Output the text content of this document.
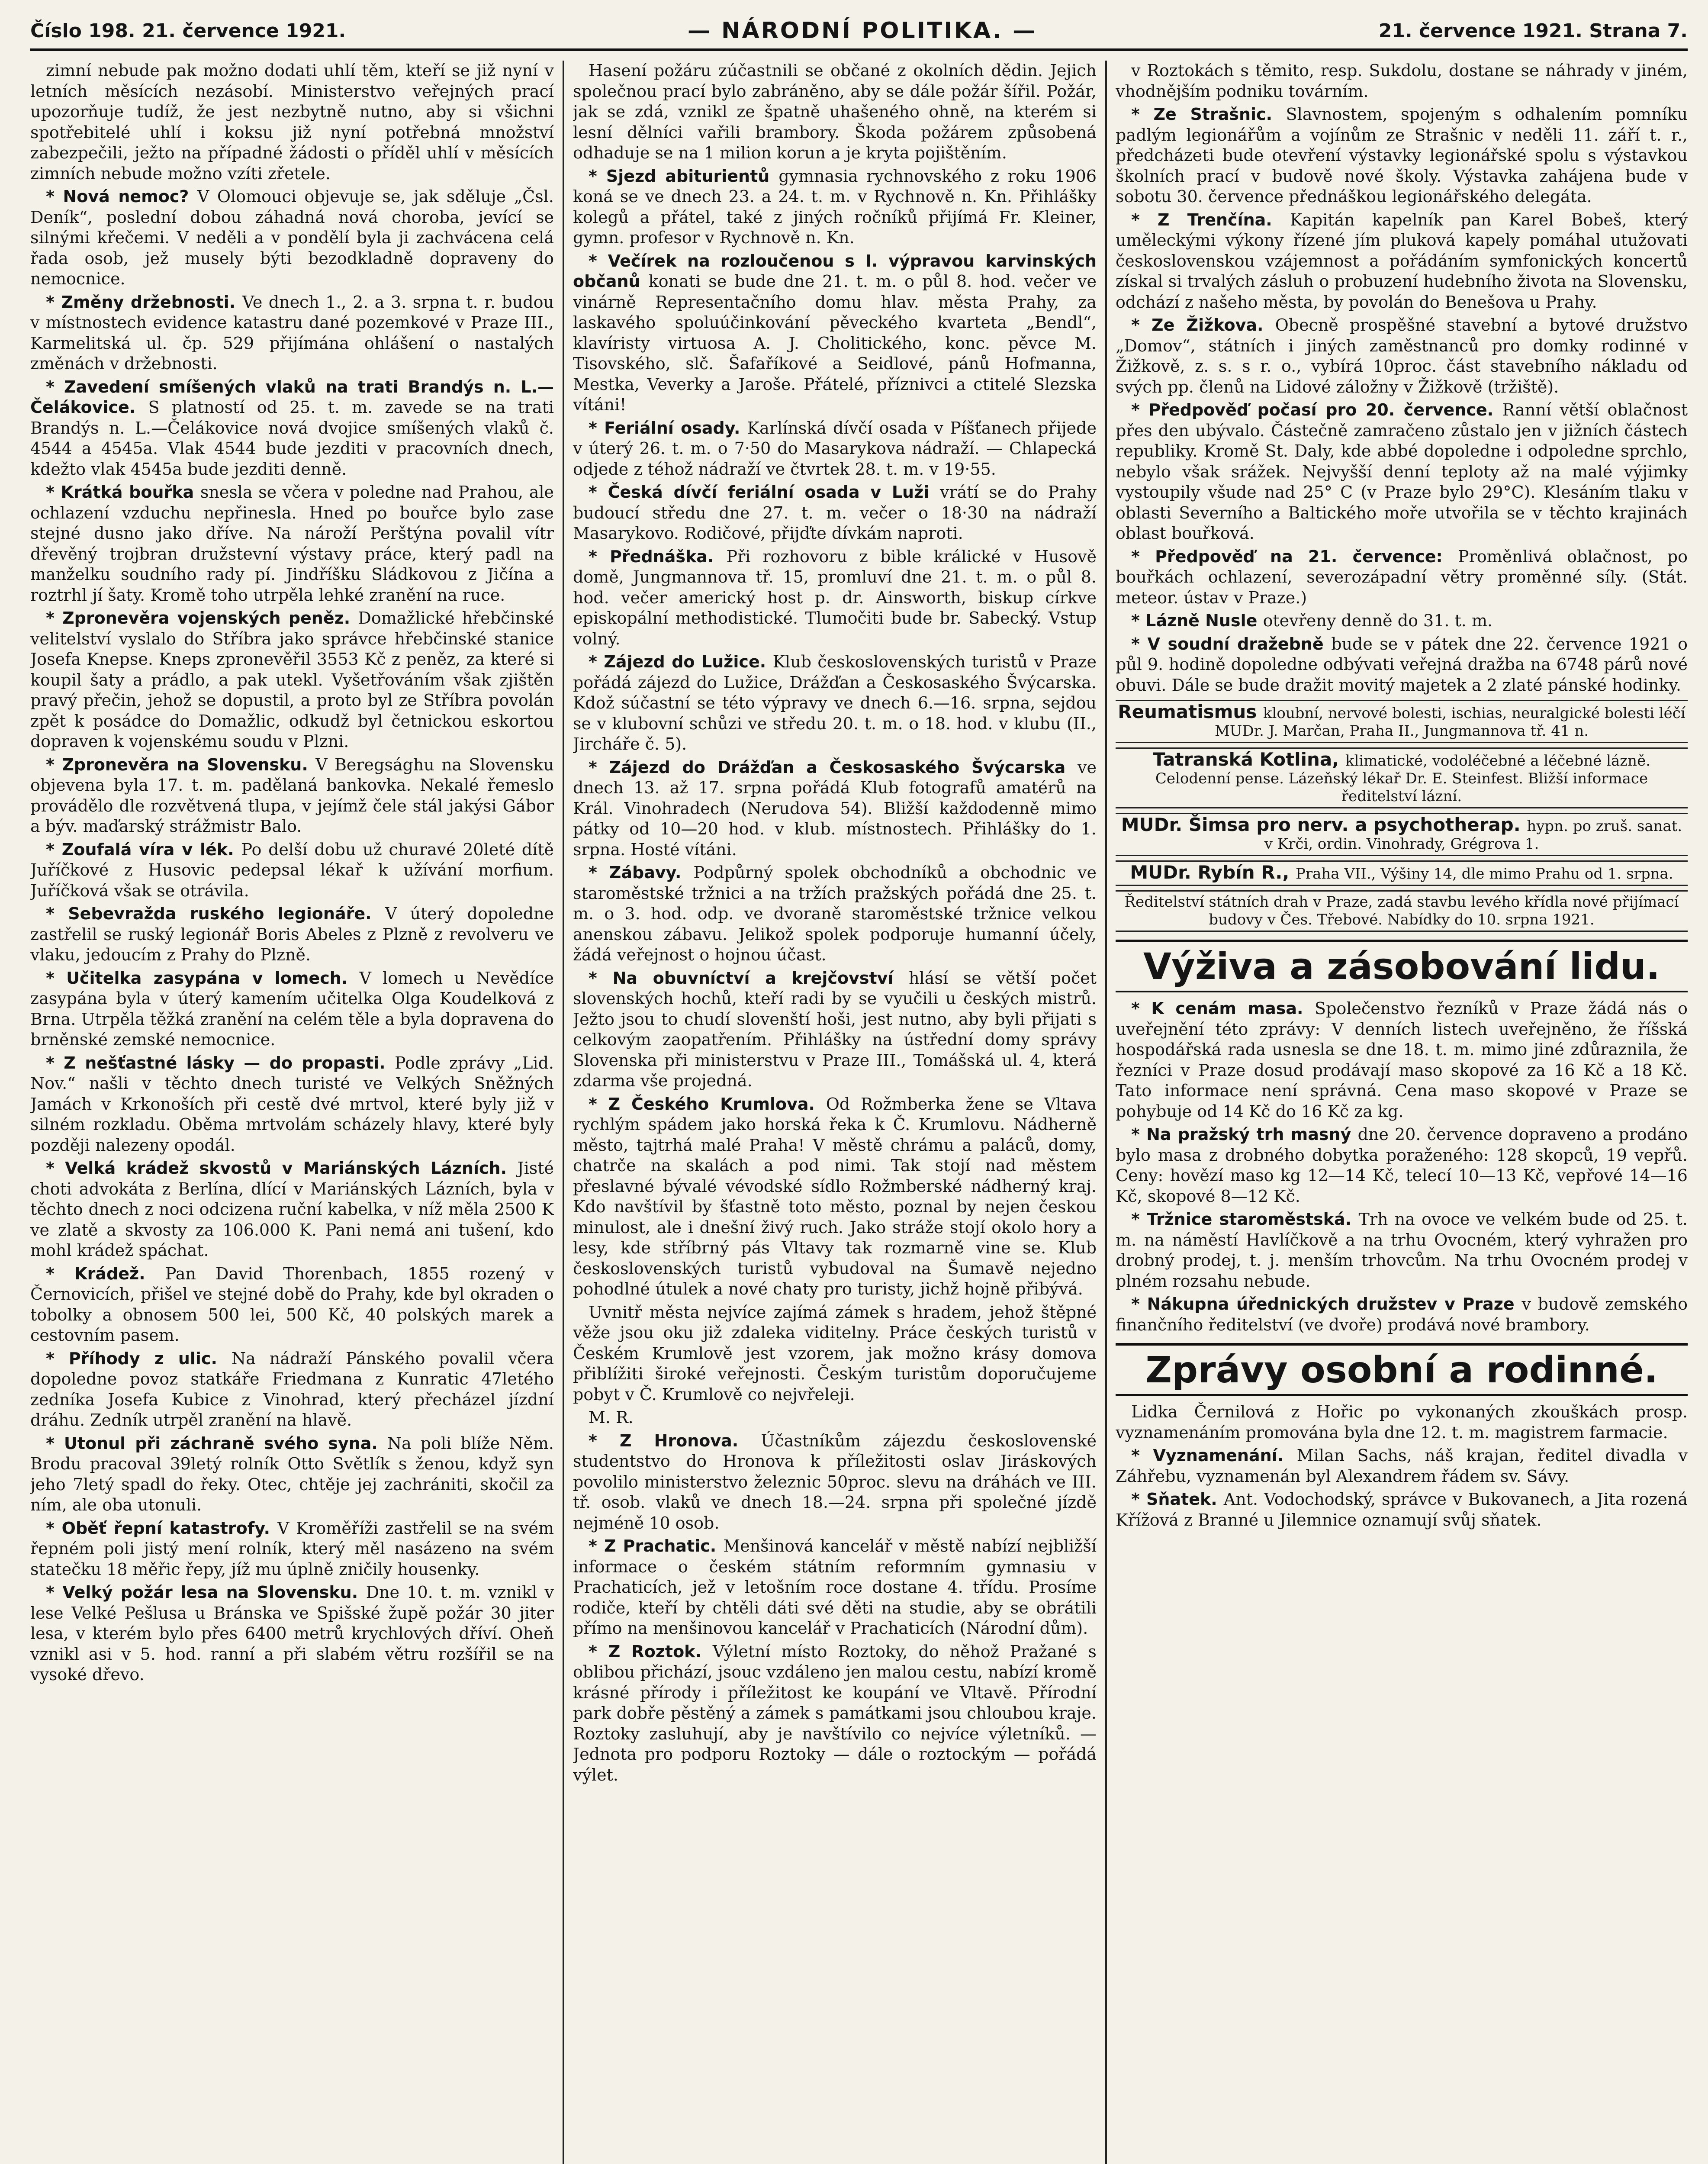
Číslo 198. 21. července 1921.	— NÁRODNÍ POLITIKA. —	21. července 1921. Strana 7.

zimní nebude pak možno dodati uhlí těm, kteří se již nyní v letních měsících nezásobí. Ministerstvo veřejných prací upozorňuje tudíž, že jest nezbytně nutno, aby si všichni spotřebitelé uhlí i koksu již nyní potřebná množství zabezpečili, ježto na případné žádosti o příděl uhlí v měsících zimních nebude možno vzíti zřetele.

* Nová nemoc? V Olomouci objevuje se, jak sděluje „Čsl. Deník“, poslední dobou záhadná nová choroba, jevící se silnými křečemi. V neděli a v pondělí byla ji zachvácena celá řada osob, jež musely býti bezodkladně dopraveny do nemocnice.

* Změny držebnosti. Ve dnech 1., 2. a 3. srpna t. r. budou v místnostech evidence katastru dané pozemkové v Praze III., Karmelitská ul. čp. 529 přijímána ohlášení o nastalých změnách v držebnosti.

* Zavedení smíšených vlaků na trati Brandýs n. L.—Čelákovice. S platností od 25. t. m. zavede se na trati Brandýs n. L.—Čelákovice nová dvojice smíšených vlaků č. 4544 a 4545a. Vlak 4544 bude jezditi v pracovních dnech, kdežto vlak 4545a bude jezditi denně.

* Krátká bouřka snesla se včera v poledne nad Prahou, ale ochlazení vzduchu nepřinesla. Hned po bouřce bylo zase stejné dusno jako dříve. Na nároží Perštýna povalil vítr dřevěný trojbran družstevní výstavy práce, který padl na manželku soudního rady pí. Jindříšku Sládkovou z Jičína a roztrhl jí šaty. Kromě toho utrpěla lehké zranění na ruce.

* Zpronevěra vojenských peněz. Domažlické hřebčinské velitelství vyslalo do Stříbra jako správce hřebčinské stanice Josefa Knepse. Kneps zpronevěřil 3553 Kč z peněz, za které si koupil šaty a prádlo, a pak utekl. Vyšetřováním však zjištěn pravý přečin, jehož se dopustil, a proto byl ze Stříbra povolán zpět k posádce do Domažlic, odkudž byl četnickou eskortou dopraven k vojenskému soudu v Plzni.

* Zpronevěra na Slovensku. V Beregsághu na Slovensku objevena byla 17. t. m. padělaná bankovka. Nekalé řemeslo provádělo dle rozvětvená tlupa, v jejímž čele stál jakýsi Gábor a býv. maďarský strážmistr Balo.

* Zoufalá víra v lék. Po delší dobu už churavé 20leté dítě Juříčkové z Husovic pedepsal lékař k užívání morfium. Juříčková však se otrávila.

* Sebevražda ruského legionáře. V úterý dopoledne zastřelil se ruský legionář Boris Abeles z Plzně z revolveru ve vlaku, jedoucím z Prahy do Plzně.

* Učitelka zasypána v lomech. V lomech u Nevědíce zasypána byla v úterý kamením učitelka Olga Koudelková z Brna. Utrpěla těžká zranění na celém těle a byla dopravena do brněnské zemské nemocnice.

* Z nešťastné lásky — do propasti. Podle zprávy „Lid. Nov.“ našli v těchto dnech turisté ve Velkých Sněžných Jamách v Krkonoších při cestě dvé mrtvol, které byly již v silném rozkladu. Oběma mrtvolám scházely hlavy, které byly později nalezeny opodál.

* Velká krádež skvostů v Mariánských Lázních. Jisté choti advokáta z Berlína, dlící v Mariánských Lázních, byla v těchto dnech z noci odcizena ruční kabelka, v níž měla 2500 K ve zlatě a skvosty za 106.000 K. Pani nemá ani tušení, kdo mohl krádež spáchat.

* Krádež. Pan David Thorenbach, 1855 rozený v Černovicích, přišel ve stejné době do Prahy, kde byl okraden o tobolky a obnosem 500 lei, 500 Kč, 40 polských marek a cestovním pasem.

* Příhody z ulic. Na nádraží Pánského povalil včera dopoledne povoz statkáře Friedmana z Kunratic 47letého zedníka Josefa Kubice z Vinohrad, který přecházel jízdní dráhu. Zedník utrpěl zranění na hlavě.

* Utonul při záchraně svého syna. Na poli blíže Něm. Brodu pracoval 39letý rolník Otto Světlík s ženou, když syn jeho 7letý spadl do řeky. Otec, chtěje jej zachrániti, skočil za ním, ale oba utonuli.

* Oběť řepní katastrofy. V Kroměříži zastřelil se na svém řepném poli jistý mení rolník, který měl nasázeno na svém statečku 18 měřic řepy, jíž mu úplně zničily housenky.

* Velký požár lesa na Slovensku. Dne 10. t. m. vznikl v lese Velké Pešlusa u Bránska ve Spišské župě požár 30 jiter lesa, v kterém bylo přes 6400 metrů krychlových dříví. Oheň vznikl asi v 5. hod. ranní a při slabém větru rozšířil se na vysoké dřevo.

Hasení požáru zúčastnili se občané z okolních dědin. Jejich společnou prací bylo zabráněno, aby se dále požár šířil. Požár, jak se zdá, vznikl ze špatně uhašeného ohně, na kterém si lesní dělníci vařili brambory. Škoda požárem způsobená odhaduje se na 1 milion korun a je kryta pojištěním.

* Sjezd abiturientů gymnasia rychnovského z roku 1906 koná se ve dnech 23. a 24. t. m. v Rychnově n. Kn. Přihlášky kolegů a přátel, také z jiných ročníků přijímá Fr. Kleiner, gymn. profesor v Rychnově n. Kn.

* Večírek na rozloučenou s I. výpravou karvinských občanů konati se bude dne 21. t. m. o půl 8. hod. večer ve vinárně Representačního domu hlav. města Prahy, za laskavého spoluúčinkování pěveckého kvarteta „Bendl“, klavíristy virtuosa A. J. Cholitického, konc. pěvce M. Tisovského, slč. Šafaříkové a Seidlové, pánů Hofmanna, Mestka, Veverky a Jaroše. Přátelé, příznivci a ctitelé Slezska vítáni!

* Feriální osady. Karlínská dívčí osada v Píšťanech přijede v úterý 26. t. m. o 7·50 do Masarykova nádraží. — Chlapecká odjede z téhož nádraží ve čtvrtek 28. t. m. v 19·55.

* Česká dívčí feriální osada v Luži vrátí se do Prahy budoucí středu dne 27. t. m. večer o 18·30 na nádraží Masarykovo. Rodičové, přijďte dívkám naproti.

* Přednáška. Při rozhovoru z bible králické v Husově domě, Jungmannova tř. 15, promluví dne 21. t. m. o půl 8. hod. večer americký host p. dr. Ainsworth, biskup církve episkopální methodistické. Tlumočiti bude br. Sabecký. Vstup volný.

* Zájezd do Lužice. Klub československých turistů v Praze pořádá zájezd do Lužice, Drážďan a Českosaského Švýcarska. Kdož súčastní se této výpravy ve dnech 6.—16. srpna, sejdou se v klubovní schůzi ve středu 20. t. m. o 18. hod. v klubu (II., Jircháře č. 5).

* Zájezd do Drážďan a Českosaského Švýcarska ve dnech 13. až 17. srpna pořádá Klub fotografů amatérů na Král. Vinohradech (Nerudova 54). Bližší každodenně mimo pátky od 10—20 hod. v klub. místnostech. Přihlášky do 1. srpna. Hosté vítáni.

* Zábavy. Podpůrný spolek obchodníků a obchodnic ve staroměstské tržnici a na tržích pražských pořádá dne 25. t. m. o 3. hod. odp. ve dvoraně staroměstské tržnice velkou anenskou zábavu. Jelikož spolek podporuje humanní účely, žádá veřejnost o hojnou účast.

* Na obuvníctví a krejčovství hlásí se větší počet slovenských hochů, kteří radi by se vyučili u českých mistrů. Ježto jsou to chudí slovenští hoši, jest nutno, aby byli přijati s celkovým zaopatřením. Přihlášky na ústřední domy správy Slovenska při ministerstvu v Praze III., Tomášská ul. 4, která zdarma vše projedná.

* Z Českého Krumlova. Od Rožmberka žene se Vltava rychlým spádem jako horská řeka k Č. Krumlovu. Nádherně město, tajtrhá malé Praha! V městě chrámu a paláců, domy, chatrče na skalách a pod nimi. Tak stojí nad městem přeslavné bývalé vévodské sídlo Rožmberské nádherný kraj. Kdo navštívil by šťastně toto město, poznal by nejen českou minulost, ale i dnešní živý ruch. Jako stráže stojí okolo hory a lesy, kde stříbrný pás Vltavy tak rozmarně vine se. Klub československých turistů vybudoval na Šumavě nejedno pohodlné útulek a nové chaty pro turisty, jichž hojně přibývá.

Uvnitř města nejvíce zajímá zámek s hradem, jehož štěpné věže jsou oku již zdaleka viditelny. Práce českých turistů v Českém Krumlově jest vzorem, jak možno krásy domova přiblížiti široké veřejnosti. Českým turistům doporučujeme pobyt v Č. Krumlově co nejvřeleji.

M. R.

* Z Hronova. Účastníkům zájezdu československé studentstvo do Hronova k příležitosti oslav Jiráskových povolilo ministerstvo železnic 50proc. slevu na dráhách ve III. tř. osob. vlaků ve dnech 18.—24. srpna při společné jízdě nejméně 10 osob.

* Z Prachatic. Menšinová kancelář v městě nabízí nejbližší informace o českém státním reformním gymnasiu v Prachaticích, jež v letošním roce dostane 4. třídu. Prosíme rodiče, kteří by chtěli dáti své děti na studie, aby se obrátili přímo na menšinovou kancelář v Prachaticích (Národní dům).

* Z Roztok. Výletní místo Roztoky, do něhož Pražané s oblibou přichází, jsouc vzdáleno jen malou cestu, nabízí kromě krásné přírody i příležitost ke koupání ve Vltavě. Přírodní park dobře pěstěný a zámek s památkami jsou chloubou kraje. Roztoky zasluhují, aby je navštívilo co nejvíce výletníků. — Jednota pro podporu Roztoky — dále o roztockým — pořádá výlet.

v Roztokách s těmito, resp. Sukdolu, dostane se náhrady v jiném, vhodnějším podniku továrním.

* Ze Strašnic. Slavnostem, spojeným s odhalením pomníku padlým legionářům a vojínům ze Strašnic v neděli 11. září t. r., předcházeti bude otevření výstavky legionářské spolu s výstavkou školních prací v budově nové školy. Výstavka zahájena bude v sobotu 30. července přednáškou legionářského delegáta.

* Z Trenčína. Kapitán kapelník pan Karel Bobeš, který uměleckými výkony řízené jím pluková kapely pomáhal utužovati československou vzájemnost a pořádáním symfonických koncertů získal si trvalých zásluh o probuzení hudebního života na Slovensku, odchází z našeho města, by povolán do Benešova u Prahy.

* Ze Žižkova. Obecně prospěšné stavební a bytové družstvo „Domov“, státních i jiných zaměstnanců pro domky rodinné v Žižkově, z. s. s r. o., vybírá 10proc. část stavebního nákladu od svých pp. členů na Lidové záložny v Žižkově (tržiště).

* Předpověď počasí pro 20. července. Ranní větší oblačnost přes den ubývalo. Částečně zamračeno zůstalo jen v jižních částech republiky. Kromě St. Daly, kde abbé dopoledne i odpoledne sprchlo, nebylo však srážek. Nejvyšší denní teploty až na malé výjimky vystoupily všude nad 25° C (v Praze bylo 29°C). Klesáním tlaku v oblasti Severního a Baltického moře utvořila se v těchto krajinách oblast bouřková.

* Předpověď na 21. července: Proměnlivá oblačnost, po bouřkách ochlazení, severozápadní větry proměnné síly. (Stát. meteor. ústav v Praze.)

* Lázně Nusle otevřeny denně do 31. t. m.

* V soudní dražebně bude se v pátek dne 22. července 1921 o půl 9. hodině dopoledne odbývati veřejná dražba na 6748 párů nové obuvi. Dále se bude dražit movitý majetek a 2 zlaté pánské hodinky.

Reumatismus kloubní, nervové bolesti, ischias, neuralgické bolesti léčí MUDr. J. Marčan, Praha II., Jungmannova tř. 41 n.
Tatranská Kotlina, klimatické, vodoléčebné a léčebné lázně. Celodenní pense. Lázeňský lékař Dr. E. Steinfest. Bližší informace ředitelství lázní.
MUDr. Šimsa pro nerv. a psychotherap. hypn. po zruš. sanat. v Krči, ordin. Vinohrady, Grégrova 1.
MUDr. Rybín R., Praha VII., Výšiny 14, dle mimo Prahu od 1. srpna.
Ředitelství státních drah v Praze, zadá stavbu levého křídla nové přijímací budovy v Čes. Třebové. Nabídky do 10. srpna 1921.
Výživa a zásobování lidu.

* K cenám masa. Společenstvo řezníků v Praze žádá nás o uveřejnění této zprávy: V denních listech uveřejněno, že říšská hospodářská rada usnesla se dne 18. t. m. mimo jiné zdůraznila, že řezníci v Praze dosud prodávají maso skopové za 16 Kč a 18 Kč. Tato informace není správná. Cena maso skopové v Praze se pohybuje od 14 Kč do 16 Kč za kg.

* Na pražský trh masný dne 20. července dopraveno a prodáno bylo masa z drobného dobytka poraženého: 128 skopců, 19 vepřů. Ceny: hovězí maso kg 12—14 Kč, telecí 10—13 Kč, vepřové 14—16 Kč, skopové 8—12 Kč.

* Tržnice staroměstská. Trh na ovoce ve velkém bude od 25. t. m. na náměstí Havlíčkově a na trhu Ovocném, který vyhražen pro drobný prodej, t. j. menším trhovcům. Na trhu Ovocném prodej v plném rozsahu nebude.

* Nákupna úřednických družstev v Praze v budově zemského finančního ředitelství (ve dvoře) prodává nové brambory.

Zprávy osobní a rodinné.

Lidka Černilová z Hořic po vykonaných zkouškách prosp. vyznamenáním promována byla dne 12. t. m. magistrem farmacie.

* Vyznamenání. Milan Sachs, náš krajan, ředitel divadla v Záhřebu, vyznamenán byl Alexandrem řádem sv. Sávy.

* Sňatek. Ant. Vodochodský, správce v Bukovanech, a Jita rozená Křížová z Branné u Jilemnice oznamují svůj sňatek.
